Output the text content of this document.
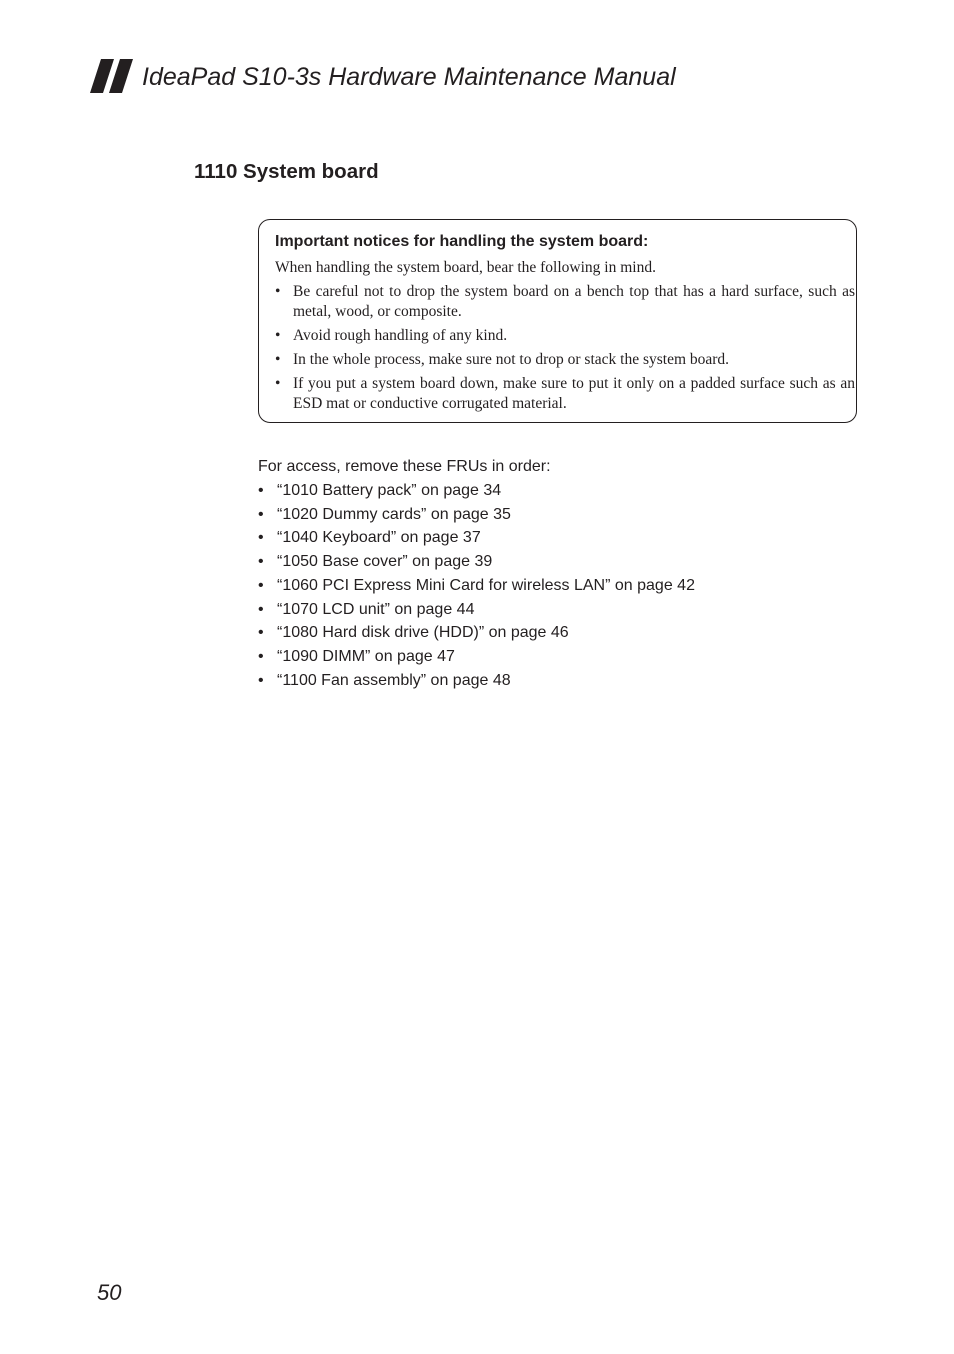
IdeaPad S10-3s Hardware Maintenance Manual
1110 System board
Important notices for handling the system board:
When handling the system board, bear the following in mind.
• Be careful not to drop the system board on a bench top that has a hard surface, such as metal, wood, or composite.
• Avoid rough handling of any kind.
• In the whole process, make sure not to drop or stack the system board.
• If you put a system board down, make sure to put it only on a padded surface such as an ESD mat or conductive corrugated material.
For access, remove these FRUs in order:
• “1010 Battery pack” on page 34
• “1020 Dummy cards” on page 35
• “1040 Keyboard” on page 37
• “1050 Base cover” on page 39
• “1060 PCI Express Mini Card for wireless LAN” on page 42
• “1070 LCD unit” on page 44
• “1080 Hard disk drive (HDD)” on page 46
• “1090 DIMM” on page 47
• “1100 Fan assembly” on page 48
50
